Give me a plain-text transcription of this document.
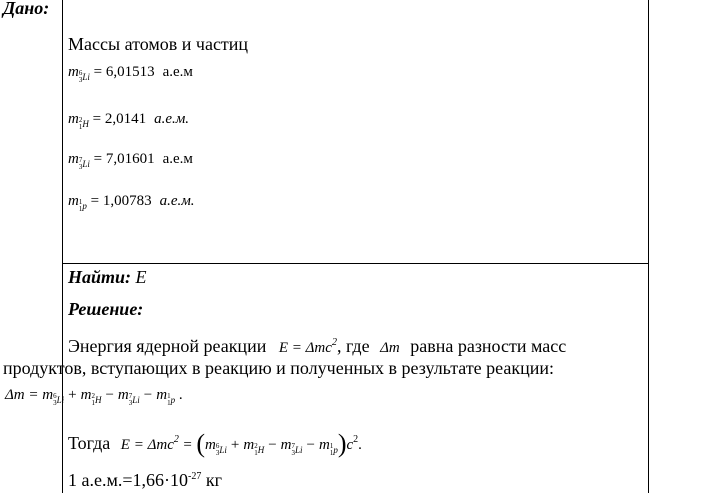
Дано:
Массы атомов и частиц
m 6
3 $_{Li}$ = 6,01513 а.е.м
m 2
1 $_H$ = 2,0141 а.е.м.
m 7
3 $_{Li}$ = 7,01601 а.е.м
m 1
1 $_p$ = 1,00783 а.е.м.
Найти: E
Решение:
Энергия ядерной реакции E = Δmc$^2$, где Δm равна разности масс
продуктов, вступающих в реакцию и полученных в результате реакции:
Δm = m 6
3 $_{Li}$ + m 2
1 $_H$ − m 7
3 $_{Li}$ − m 1
1 $_p$ .
Тогда E = Δmc$^2$ = (m 6
3 $_{Li}$ + m 2
1 $_H$ − m 7
3 $_{Li}$ − m 1
1 $_p)c^2$.
1 $а.е.м.=1,66\cdot 10^{-27}$ кг
